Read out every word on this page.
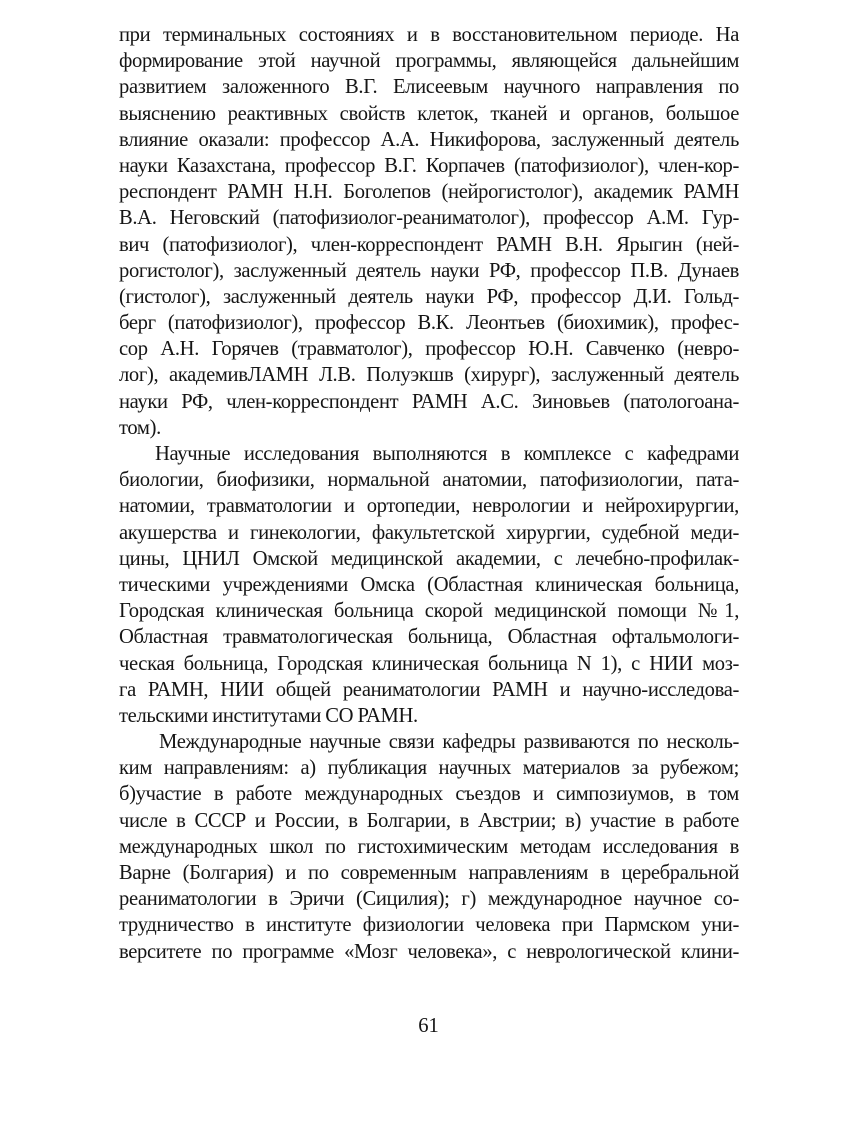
при терминальных состояниях и в восстановительном периоде. На
формирование этой научной программы, являющейся дальнейшим
развитием заложенного В.Г. Елисеевым научного направления по
выяснению реактивных свойств клеток, тканей и органов, большое
влияние оказали: профессор А.А. Никифорова, заслуженный деятель
науки Казахстана, профессор В.Г. Корпачев (патофизиолог), член-кор-
респондент РАМН Н.Н. Боголепов (нейрогистолог), академик РАМН
В.А. Неговский (патофизиолог-реаниматолог), профессор А.М. Гур-
вич (патофизиолог), член-корреспондент РАМН В.Н. Ярыгин (ней-
рогистолог), заслуженный деятель науки РФ, профессор П.В. Дунаев
(гистолог), заслуженный деятель науки РФ, профессор Д.И. Гольд-
берг (патофизиолог), профессор В.К. Леонтьев (биохимик), профес-
сор А.Н. Горячев (травматолог), профессор Ю.Н. Савченко (невро-
лог), академивЛАМН Л.В. Полуэкшв (хирург), заслуженный деятель
науки РФ, член-корреспондент РАМН А.С. Зиновьев (патологоана-
том).
Научные исследования выполняются в комплексе с кафедрами
биологии, биофизики, нормальной анатомии, патофизиологии, пата-
натомии, травматологии и ортопедии, неврологии и нейрохирургии,
акушерства и гинекологии, факультетской хирургии, судебной меди-
цины, ЦНИЛ Омской медицинской академии, с лечебно-профилак-
тическими учреждениями Омска (Областная клиническая больница,
Городская клиническая больница скорой медицинской помощи №1,
Областная травматологическая больница, Областная офтальмологи-
ческая больница, Городская клиническая больница N 1), с НИИ моз-
га РАМН, НИИ общей реаниматологии РАМН и научно-исследова-
тельскими институтами СО РАМН.
Международные научные связи кафедры развиваются по несколь-
ким направлениям: а) публикация научных материалов за рубежом;
б)участие в работе международных съездов и симпозиумов, в том
числе в СССР и России, в Болгарии, в Австрии; в) участие в работе
международных школ по гистохимическим методам исследования в
Варне (Болгария) и по современным направлениям в церебральной
реаниматологии в Эричи (Сицилия); г) международное научное со-
трудничество в институте физиологии человека при Пармском уни-
верситете по программе «Мозг человека», с неврологической клини-
61
